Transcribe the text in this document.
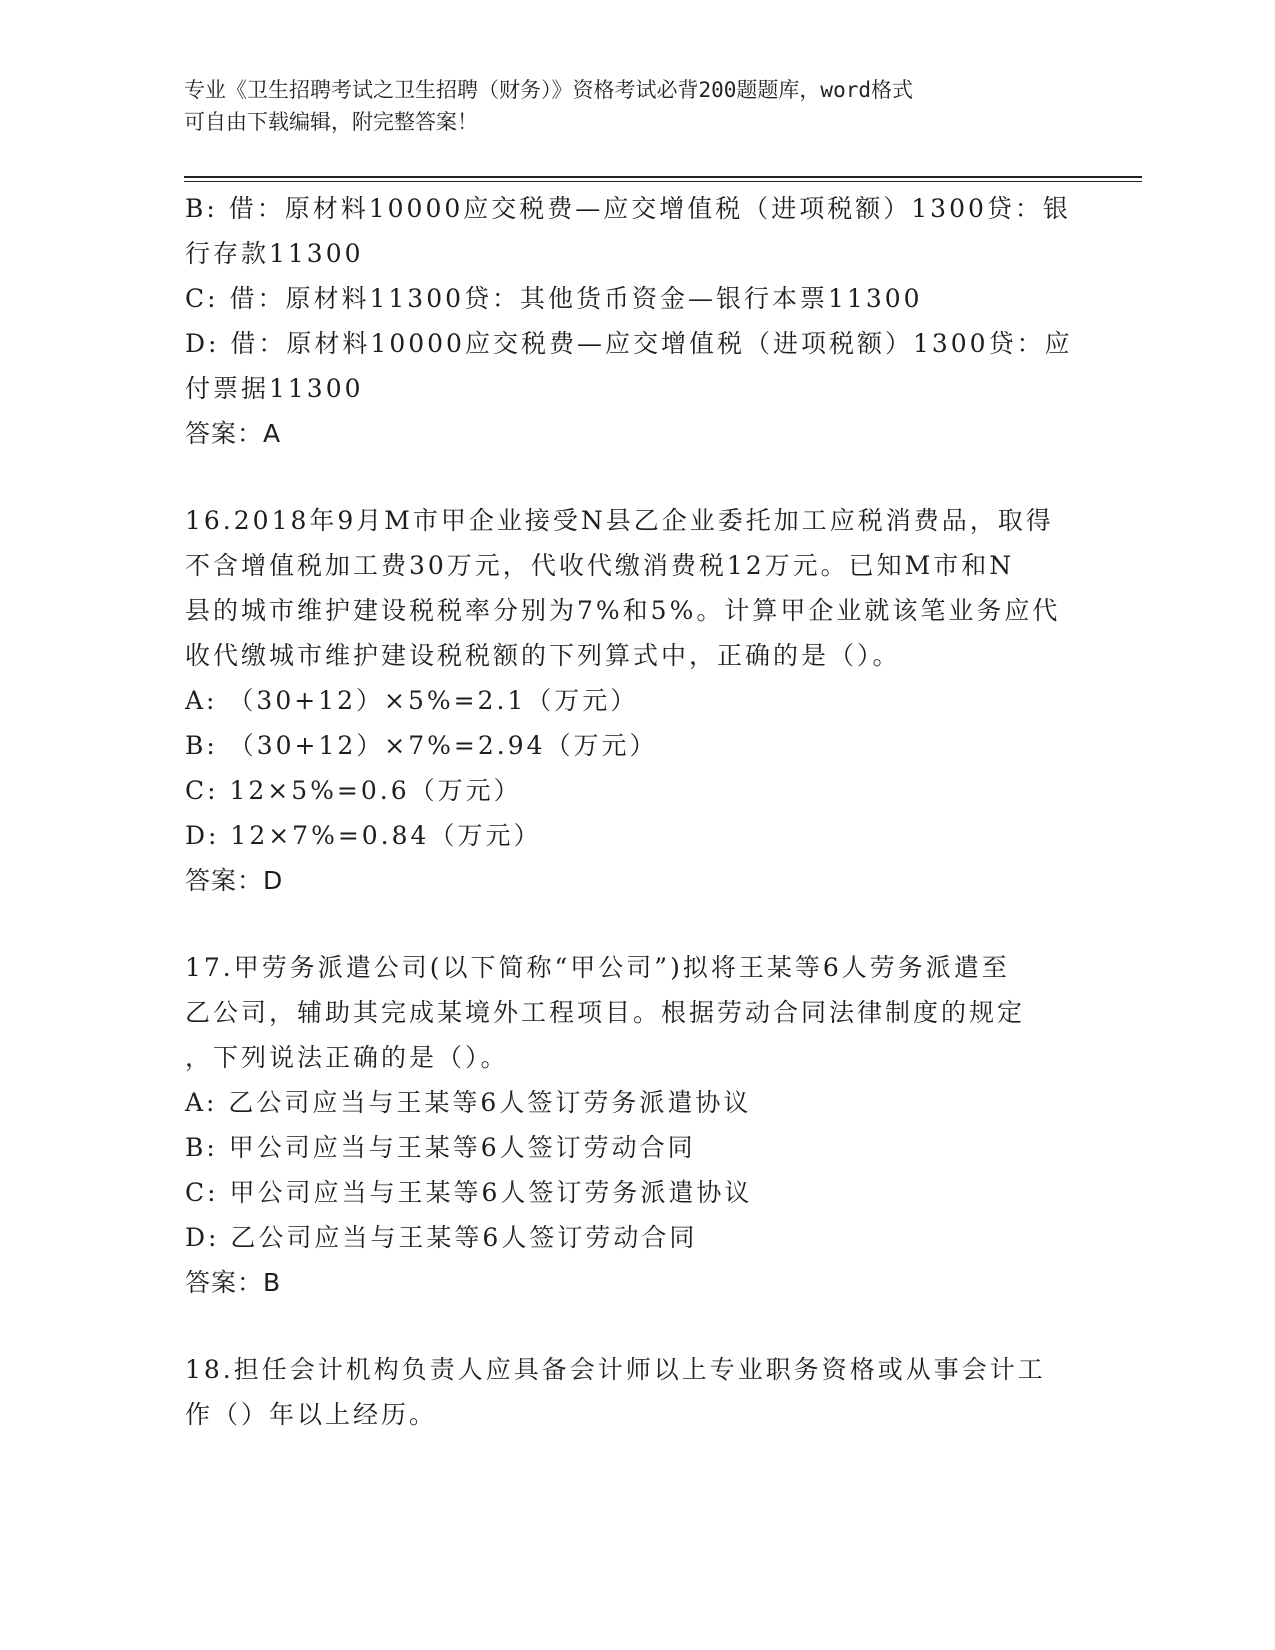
专业《卫生招聘考试之卫生招聘（财务）》资格考试必背200题题库，word格式
可自由下载编辑，附完整答案！
B: 借：原材料10000应交税费—应交增值税（进项税额）1300贷：银
行存款11300
C: 借：原材料11300贷：其他货币资金—银行本票11300
D: 借：原材料10000应交税费—应交增值税（进项税额）1300贷：应
付票据11300
答案：A
16.2018年9月M市甲企业接受N县乙企业委托加工应税消费品，取得
不含增值税加工费30万元，代收代缴消费税12万元。已知M市和N
县的城市维护建设税税率分别为7%和5%。计算甲企业就该笔业务应代
收代缴城市维护建设税税额的下列算式中，正确的是（）。
A: （30+12）×5%=2.1（万元）
B: （30+12）×7%=2.94（万元）
C: 12×5%=0.6（万元）
D: 12×7%=0.84（万元）
答案：D
17.甲劳务派遣公司(以下简称“甲公司”)拟将王某等6人劳务派遣至
乙公司，辅助其完成某境外工程项目。根据劳动合同法律制度的规定
，下列说法正确的是（）。
A: 乙公司应当与王某等6人签订劳务派遣协议
B: 甲公司应当与王某等6人签订劳动合同
C: 甲公司应当与王某等6人签订劳务派遣协议
D: 乙公司应当与王某等6人签订劳动合同
答案：B
18.担任会计机构负责人应具备会计师以上专业职务资格或从事会计工
作（）年以上经历。
